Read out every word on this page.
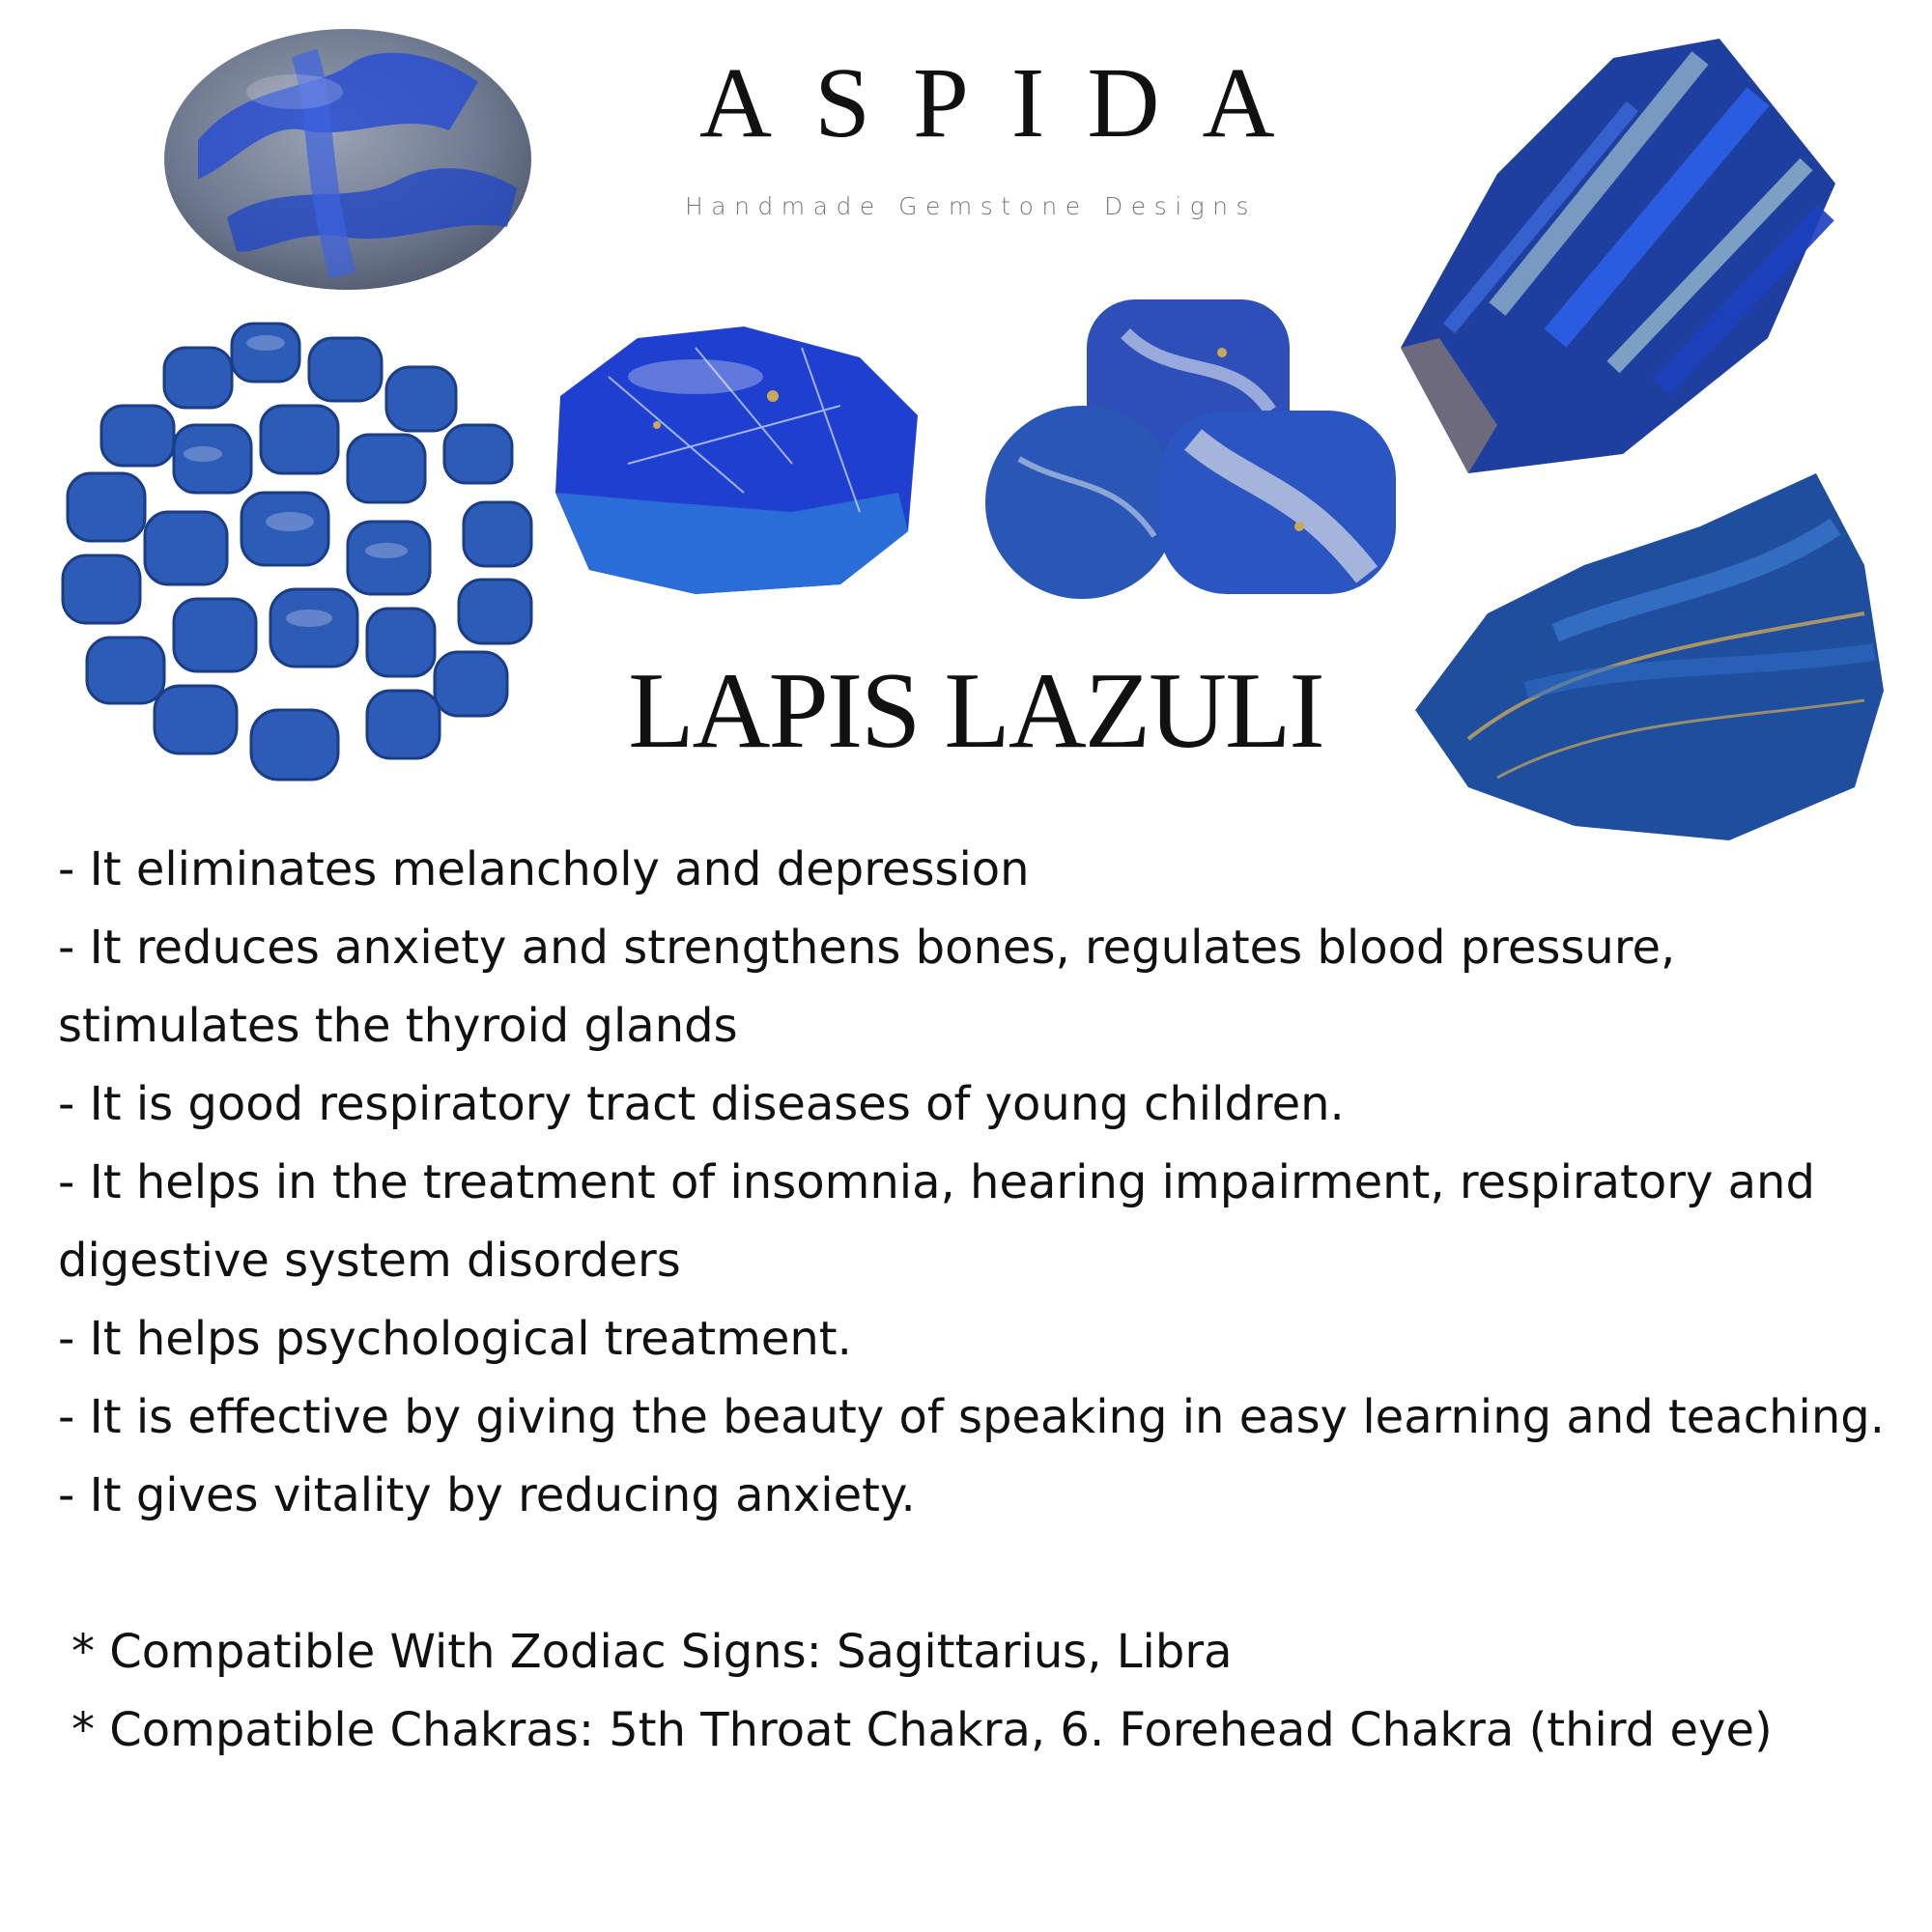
ASPIDA
Handmade Gemstone Designs
LAPIS LAZULI

- It eliminates melancholy and depression

- It reduces anxiety and strengthens bones, regulates blood pressure, stimulates the thyroid glands

- It is good respiratory tract diseases of young children.

- It helps in the treatment of insomnia, hearing impairment, respiratory and digestive system disorders

- It helps psychological treatment.

- It is effective by giving the beauty of speaking in easy learning and teaching.

- It gives vitality by reducing anxiety.

* Compatible With Zodiac Signs: Sagittarius, Libra

* Compatible Chakras: 5th Throat Chakra, 6. Forehead Chakra (third eye)
